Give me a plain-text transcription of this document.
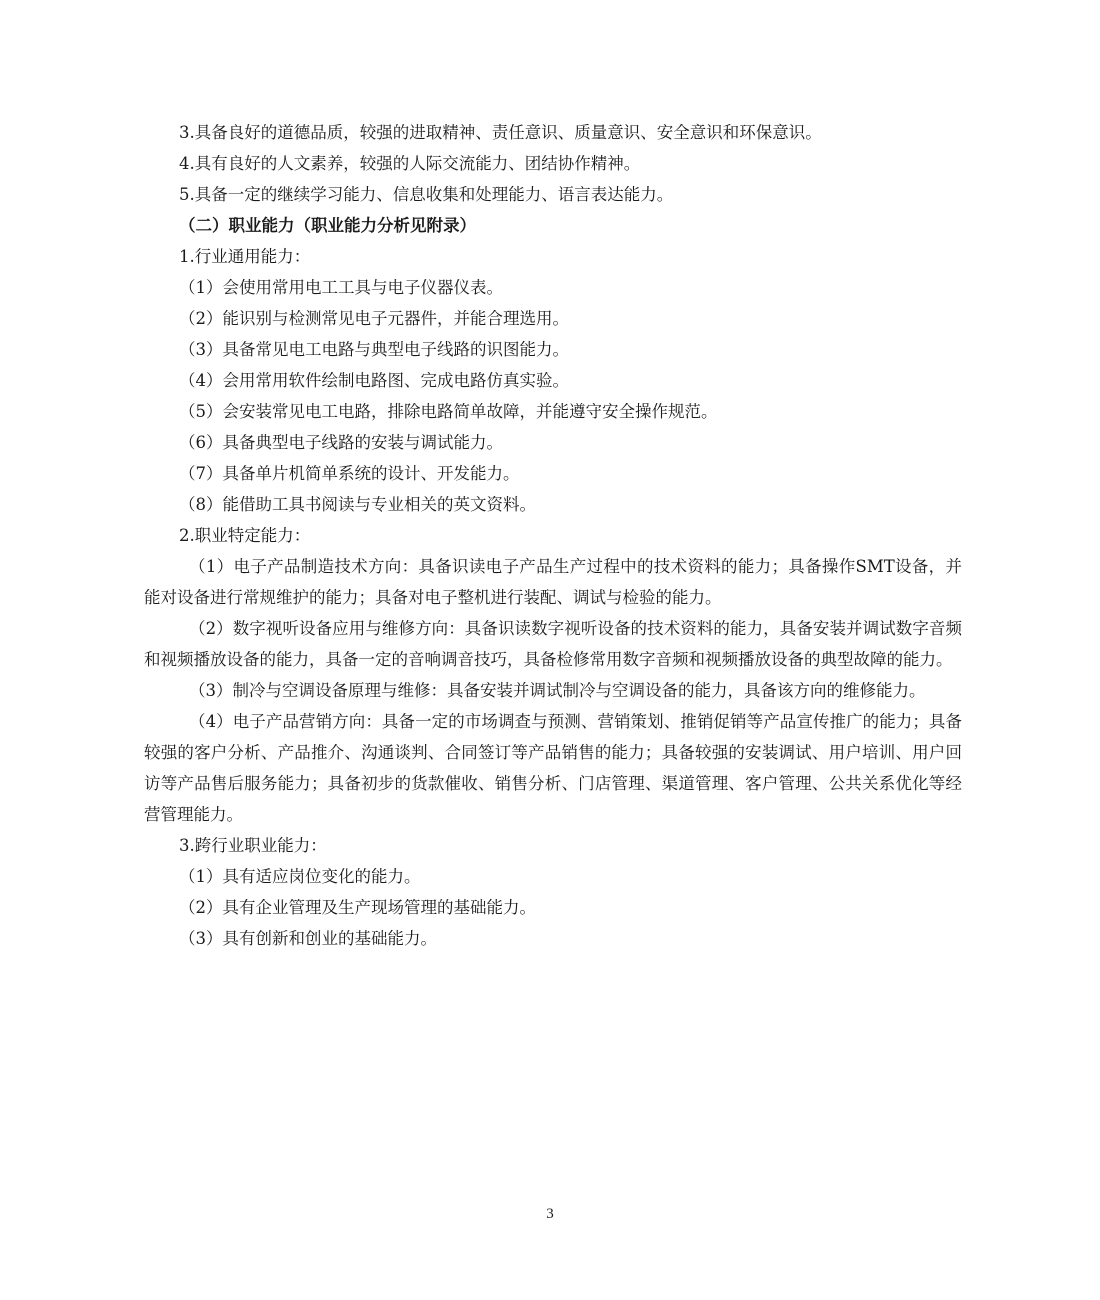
3.具备良好的道德品质，较强的进取精神、责任意识、质量意识、安全意识和环保意识。

4.具有良好的人文素养，较强的人际交流能力、团结协作精神。

5.具备一定的继续学习能力、信息收集和处理能力、语言表达能力。

（二）职业能力（职业能力分析见附录）

1.行业通用能力：

（1）会使用常用电工工具与电子仪器仪表。

（2）能识别与检测常见电子元器件，并能合理选用。

（3）具备常见电工电路与典型电子线路的识图能力。

（4）会用常用软件绘制电路图、完成电路仿真实验。

（5）会安装常见电工电路，排除电路简单故障，并能遵守安全操作规范。

（6）具备典型电子线路的安装与调试能力。

（7）具备单片机简单系统的设计、开发能力。

（8）能借助工具书阅读与专业相关的英文资料。

2.职业特定能力：

（1）电子产品制造技术方向：具备识读电子产品生产过程中的技术资料的能力；具备操作SMT设备，并能对设备进行常规维护的能力；具备对电子整机进行装配、调试与检验的能力。

（2）数字视听设备应用与维修方向：具备识读数字视听设备的技术资料的能力，具备安装并调试数字音频和视频播放设备的能力，具备一定的音响调音技巧，具备检修常用数字音频和视频播放设备的典型故障的能力。

（3）制冷与空调设备原理与维修：具备安装并调试制冷与空调设备的能力，具备该方向的维修能力。

（4）电子产品营销方向：具备一定的市场调查与预测、营销策划、推销促销等产品宣传推广的能力；具备较强的客户分析、产品推介、沟通谈判、合同签订等产品销售的能力；具备较强的安装调试、用户培训、用户回访等产品售后服务能力；具备初步的货款催收、销售分析、门店管理、渠道管理、客户管理、公共关系优化等经营管理能力。

3.跨行业职业能力：

（1）具有适应岗位变化的能力。

（2）具有企业管理及生产现场管理的基础能力。

（3）具有创新和创业的基础能力。

3
